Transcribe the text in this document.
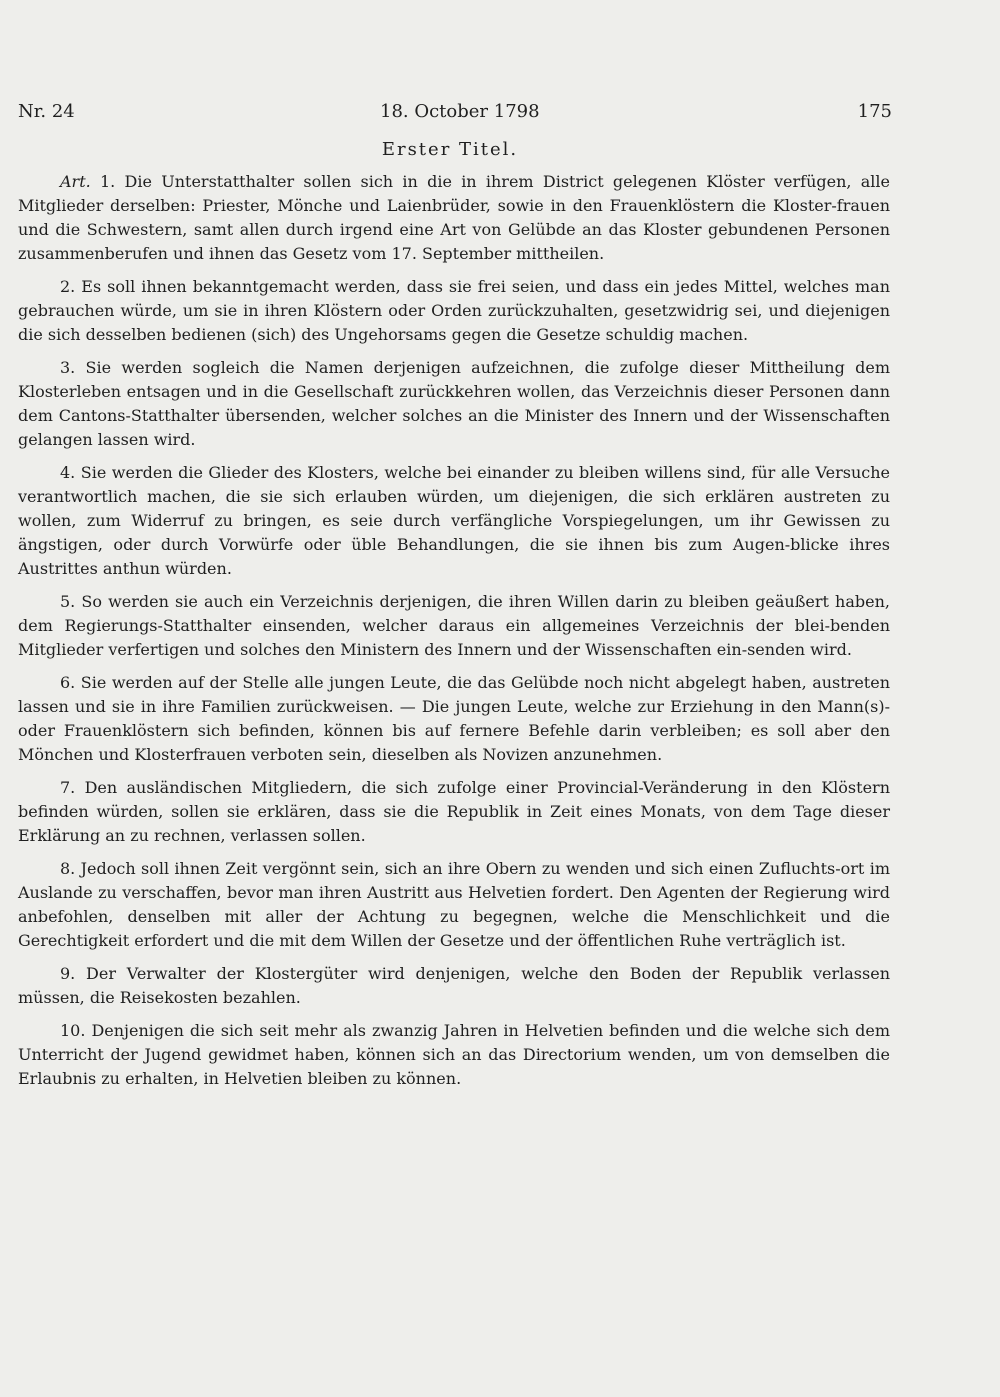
Nr. 24	18. October 1798	175
Erster Titel.

Art. 1. Die Unterstatthalter sollen sich in die in ihrem District gelegenen Klöster verfügen, alle Mitglieder derselben: Priester, Mönche und Laienbrüder, sowie in den Frauenklöstern die Kloster-frauen und die Schwestern, samt allen durch irgend eine Art von Gelübde an das Kloster gebundenen Personen zusammenberufen und ihnen das Gesetz vom 17. September mittheilen.

2. Es soll ihnen bekanntgemacht werden, dass sie frei seien, und dass ein jedes Mittel, welches man gebrauchen würde, um sie in ihren Klöstern oder Orden zurückzuhalten, gesetzwidrig sei, und diejenigen die sich desselben bedienen (sich) des Ungehorsams gegen die Gesetze schuldig machen.

3. Sie werden sogleich die Namen derjenigen aufzeichnen, die zufolge dieser Mittheilung dem Klosterleben entsagen und in die Gesellschaft zurückkehren wollen, das Verzeichnis dieser Personen dann dem Cantons-Statthalter übersenden, welcher solches an die Minister des Innern und der Wissenschaften gelangen lassen wird.

4. Sie werden die Glieder des Klosters, welche bei einander zu bleiben willens sind, für alle Versuche verantwortlich machen, die sie sich erlauben würden, um diejenigen, die sich erklären austreten zu wollen, zum Widerruf zu bringen, es seie durch verfängliche Vorspiegelungen, um ihr Gewissen zu ängstigen, oder durch Vorwürfe oder üble Behandlungen, die sie ihnen bis zum Augen-blicke ihres Austrittes anthun würden.

5. So werden sie auch ein Verzeichnis derjenigen, die ihren Willen darin zu bleiben geäußert haben, dem Regierungs-Statthalter einsenden, welcher daraus ein allgemeines Verzeichnis der blei-benden Mitglieder verfertigen und solches den Ministern des Innern und der Wissenschaften ein-senden wird.

6. Sie werden auf der Stelle alle jungen Leute, die das Gelübde noch nicht abgelegt haben, austreten lassen und sie in ihre Familien zurückweisen. — Die jungen Leute, welche zur Erziehung in den Mann(s)- oder Frauenklöstern sich befinden, können bis auf fernere Befehle darin verbleiben; es soll aber den Mönchen und Klosterfrauen verboten sein, dieselben als Novizen anzunehmen.

7. Den ausländischen Mitgliedern, die sich zufolge einer Provincial-Veränderung in den Klöstern befinden würden, sollen sie erklären, dass sie die Republik in Zeit eines Monats, von dem Tage dieser Erklärung an zu rechnen, verlassen sollen.

8. Jedoch soll ihnen Zeit vergönnt sein, sich an ihre Obern zu wenden und sich einen Zufluchts-ort im Auslande zu verschaffen, bevor man ihren Austritt aus Helvetien fordert. Den Agenten der Regierung wird anbefohlen, denselben mit aller der Achtung zu begegnen, welche die Menschlichkeit und die Gerechtigkeit erfordert und die mit dem Willen der Gesetze und der öffentlichen Ruhe verträglich ist.

9. Der Verwalter der Klostergüter wird denjenigen, welche den Boden der Republik verlassen müssen, die Reisekosten bezahlen.

10. Denjenigen die sich seit mehr als zwanzig Jahren in Helvetien befinden und die welche sich dem Unterricht der Jugend gewidmet haben, können sich an das Directorium wenden, um von demselben die Erlaubnis zu erhalten, in Helvetien bleiben zu können.
